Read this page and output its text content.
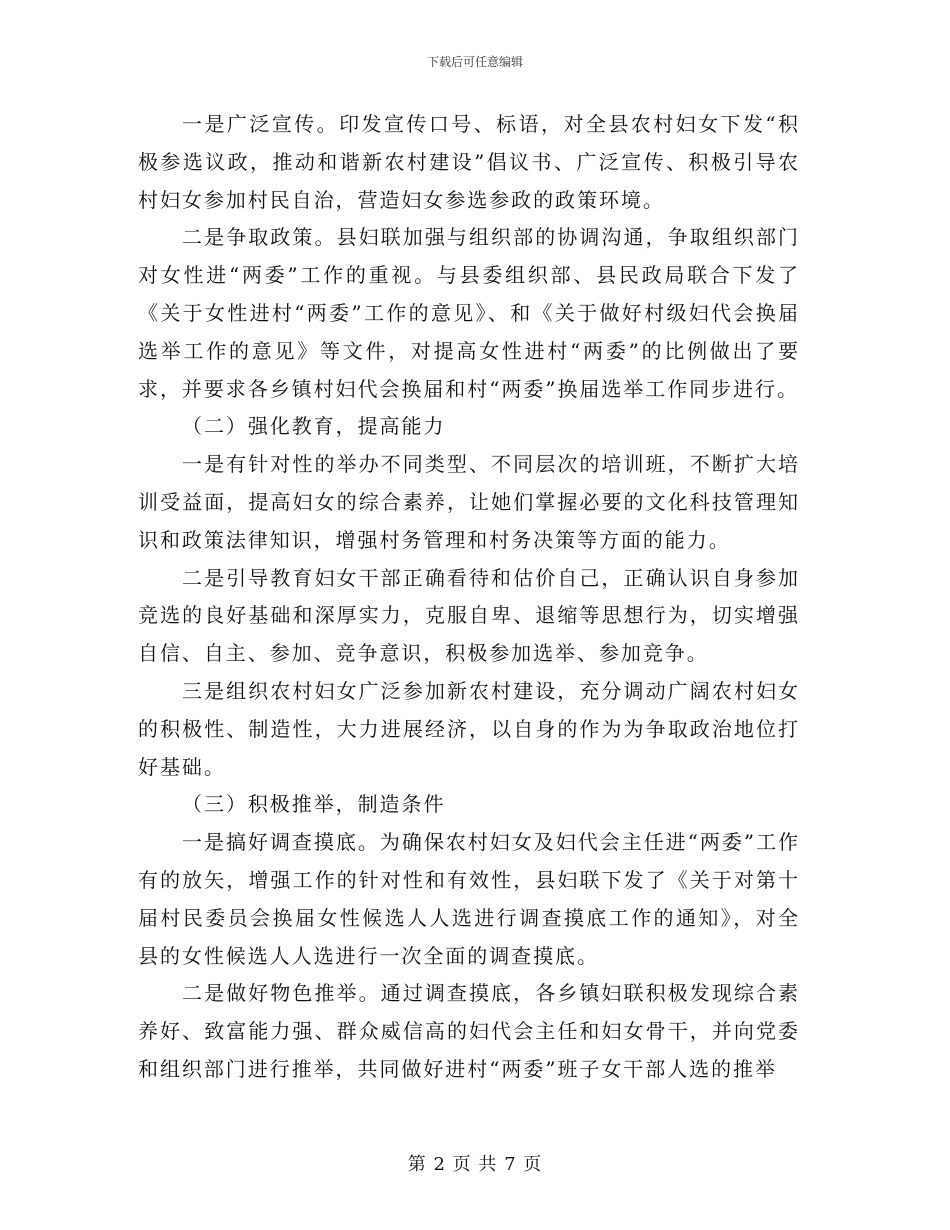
下载后可任意编辑

一是广泛宣传。印发宣传口号、标语，对全县农村妇女下发“积极参选议政，推动和谐新农村建设”倡议书、广泛宣传、积极引导农村妇女参加村民自治，营造妇女参选参政的政策环境。

二是争取政策。县妇联加强与组织部的协调沟通，争取组织部门对女性进“两委”工作的重视。与县委组织部、县民政局联合下发了《关于女性进村“两委”工作的意见》、和《关于做好村级妇代会换届选举工作的意见》等文件，对提高女性进村“两委”的比例做出了要求，并要求各乡镇村妇代会换届和村“两委”换届选举工作同步进行。

（二）强化教育，提高能力

一是有针对性的举办不同类型、不同层次的培训班，不断扩大培训受益面，提高妇女的综合素养，让她们掌握必要的文化科技管理知识和政策法律知识，增强村务管理和村务决策等方面的能力。

二是引导教育妇女干部正确看待和估价自己，正确认识自身参加竞选的良好基础和深厚实力，克服自卑、退缩等思想行为，切实增强自信、自主、参加、竞争意识，积极参加选举、参加竞争。

三是组织农村妇女广泛参加新农村建设，充分调动广阔农村妇女的积极性、制造性，大力进展经济，以自身的作为为争取政治地位打好基础。

（三）积极推举，制造条件

一是搞好调查摸底。为确保农村妇女及妇代会主任进“两委”工作有的放矢，增强工作的针对性和有效性，县妇联下发了《关于对第十届村民委员会换届女性候选人人选进行调查摸底工作的通知》，对全县的女性候选人人选进行一次全面的调查摸底。

二是做好物色推举。通过调查摸底，各乡镇妇联积极发现综合素养好、致富能力强、群众威信高的妇代会主任和妇女骨干，并向党委和组织部门进行推举，共同做好进村“两委”班子女干部人选的推举

第 2 页 共 7 页
